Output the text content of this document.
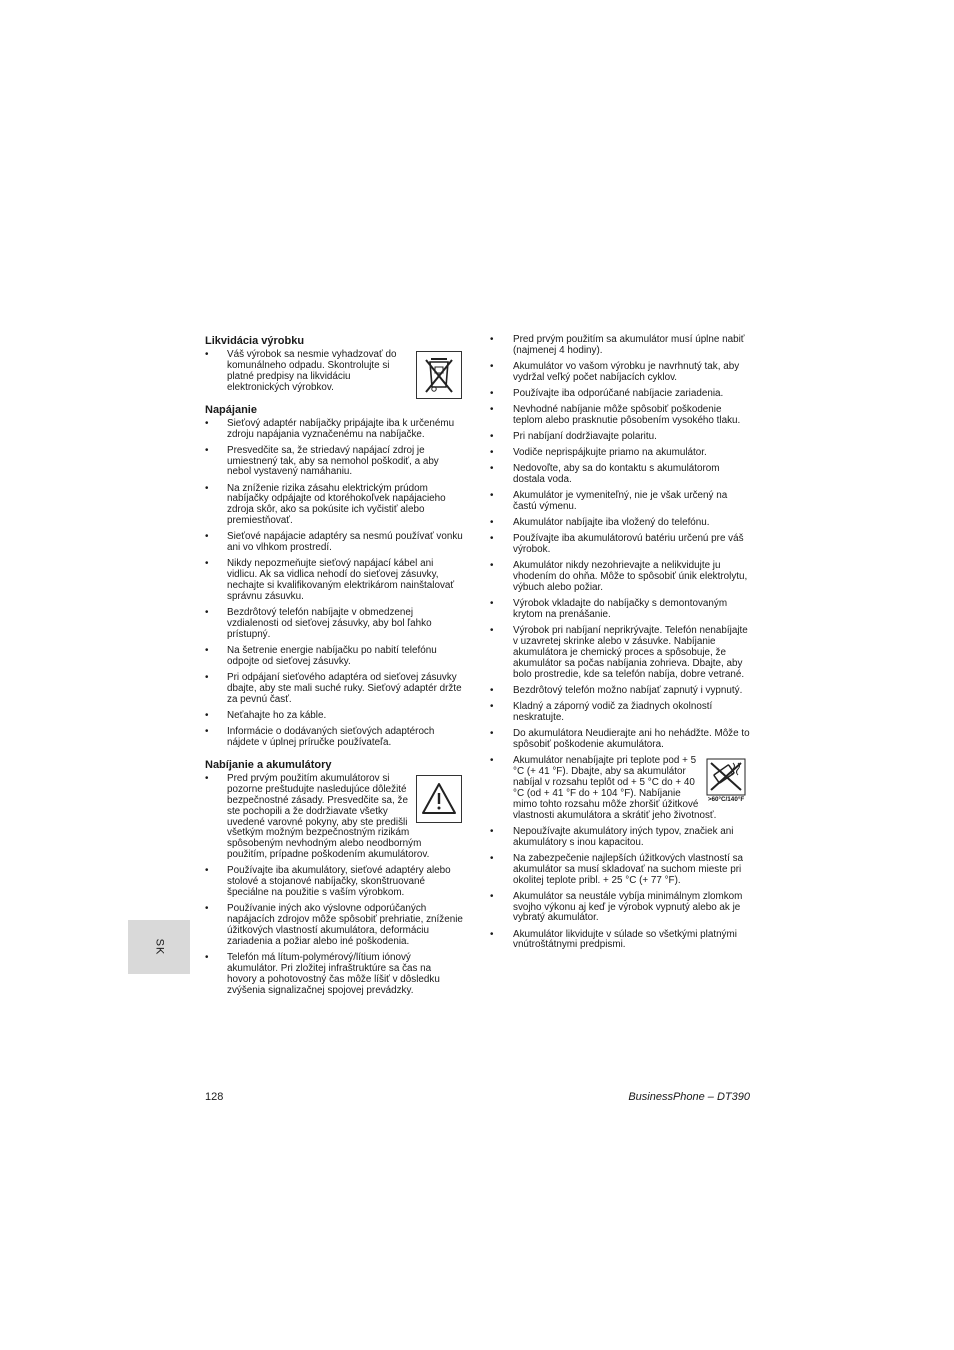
Likvidácia výrobku
• Váš výrobok sa nesmie vyhadzovať do komunálneho odpadu. Skontrolujte si platné predpisy na likvidáciu elektronických výrobkov.
Napájanie
• Sieťový adaptér nabíjačky pripájajte iba k určenému zdroju napájania vyznačenému na nabíjačke.
• Presvedčite sa, že striedavý napájací zdroj je umiestnený tak, aby sa nemohol poškodiť, a aby nebol vystavený namáhaniu.
• Na zníženie rizika zásahu elektrickým prúdom nabíjačky odpájajte od ktoréhokoľvek napájacieho zdroja skôr, ako sa pokúsite ich vyčistiť alebo premiestňovať.
• Sieťové napájacie adaptéry sa nesmú používať vonku ani vo vlhkom prostredí.
• Nikdy nepozmeňujte sieťový napájací kábel ani vidlicu. Ak sa vidlica nehodí do sieťovej zásuvky, nechajte si kvalifikovaným elektrikárom nainštalovať správnu zásuvku.
• Bezdrôtový telefón nabíjajte v obmedzenej vzdialenosti od sieťovej zásuvky, aby bol ľahko prístupný.
• Na šetrenie energie nabíjačku po nabití telefónu odpojte od sieťovej zásuvky.
• Pri odpájaní sieťového adaptéra od sieťovej zásuvky dbajte, aby ste mali suché ruky. Sieťový adaptér držte za pevnú časť.
• Neťahajte ho za káble.
• Informácie o dodávaných sieťových adaptéroch nájdete v úplnej príručke používateľa.
Nabíjanie a akumulátory
• Pred prvým použitím akumulátorov si pozorne preštudujte nasledujúce dôležité bezpečnostné zásady. Presvedčite sa, že ste pochopili a že dodržiavate všetky uvedené varovné pokyny, aby ste predišli všetkým možným bezpečnostným rizikám spôsobeným nevhodným alebo neodborným použitím, prípadne poškodením akumulátorov.
• Používajte iba akumulátory, sieťové adaptéry alebo stolové a stojanové nabíjačky, skonštruované špeciálne na použitie s vaším výrobkom.
• Používanie iných ako výslovne odporúčaných napájacích zdrojov môže spôsobiť prehriatie, zníženie úžitkových vlastností akumulátora, deformáciu zariadenia a požiar alebo iné poškodenia.
• Telefón má lítum-polymérový/lítium iónový akumulátor. Pri zložitej infraštruktúre sa čas na hovory a pohotovostný čas môže líšiť v dôsledku zvýšenia signalizačnej spojovej prevádzky.
• Pred prvým použitím sa akumulátor musí úplne nabiť (najmenej 4 hodiny).
• Akumulátor vo vašom výrobku je navrhnutý tak, aby vydržal veľký počet nabíjacích cyklov.
• Používajte iba odporúčané nabíjacie zariadenia.
• Nevhodné nabíjanie môže spôsobiť poškodenie teplom alebo prasknutie pôsobením vysokého tlaku.
• Pri nabíjaní dodržiavajte polaritu.
• Vodiče neprispájkujte priamo na akumulátor.
• Nedovoľte, aby sa do kontaktu s akumulátorom dostala voda.
• Akumulátor je vymeniteľný, nie je však určený na častú výmenu.
• Akumulátor nabíjajte iba vložený do telefónu.
• Používajte iba akumulátorovú batériu určenú pre váš výrobok.
• Akumulátor nikdy nezohrievajte a nelikvidujte ju vhodením do ohňa. Môže to spôsobiť únik elektrolytu, výbuch alebo požiar.
• Výrobok vkladajte do nabíjačky s demontovaným krytom na prenášanie.
• Výrobok pri nabíjaní neprikrývajte. Telefón nenabíjajte v uzavretej skrinke alebo v zásuvke. Nabíjanie akumulátora je chemický proces a spôsobuje, že akumulátor sa počas nabíjania zohrieva. Dbajte, aby bolo prostredie, kde sa telefón nabíja, dobre vetrané.
• Bezdrôtový telefón možno nabíjať zapnutý i vypnutý.
• Kladný a záporný vodič za žiadnych okolností neskratujte.
• Do akumulátora Neudierajte ani ho nehádžte. Môže to spôsobiť poškodenie akumulátora.
• >60°C/140°F
Akumulátor nenabíjajte pri teplote pod + 5 °C (+ 41 °F). Dbajte, aby sa akumulátor nabíjal v rozsahu teplôt od + 5 °C do + 40 °C (od + 41 °F do + 104 °F). Nabíjanie mimo tohto rozsahu môže zhoršiť úžitkové vlastnosti akumulátora a skrátiť jeho životnosť.
• Nepoužívajte akumulátory iných typov, značiek ani akumulátory s inou kapacitou.
• Na zabezpečenie najlepších úžitkových vlastností sa akumulátor sa musí skladovať na suchom mieste pri okolitej teplote pribl. + 25 °C (+ 77 °F).
• Akumulátor sa neustále vybíja minimálnym zlomkom svojho výkonu aj keď je výrobok vypnutý alebo ak je vybratý akumulátor.
• Akumulátor likvidujte v súlade so všetkými platnými vnútroštátnymi predpismi.
SK
128	BusinessPhone – DT390
